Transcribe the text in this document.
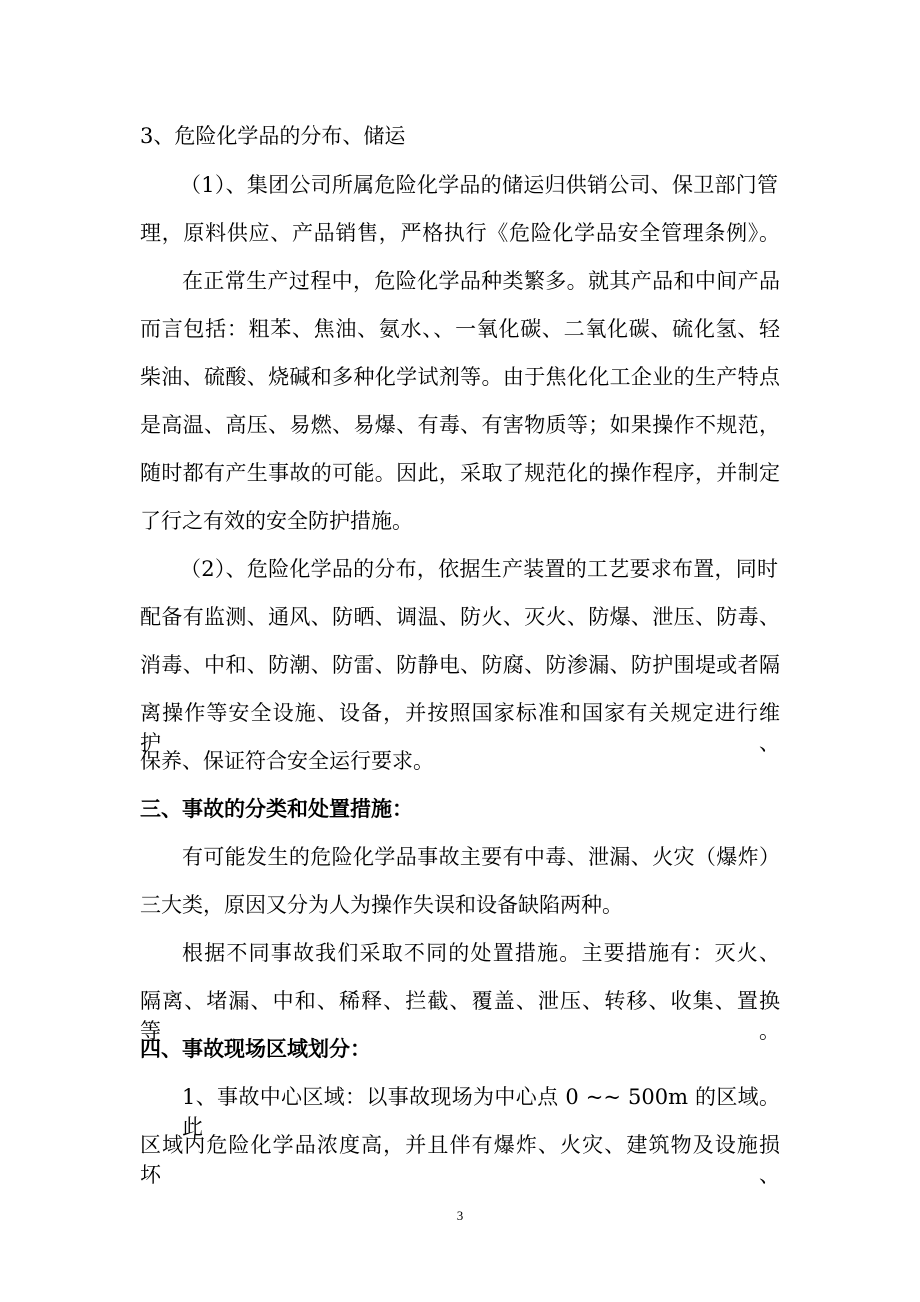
3、危险化学品的分布、储运
（1）、集团公司所属危险化学品的储运归供销公司、保卫部门管
理，原料供应、产品销售，严格执行《危险化学品安全管理条例》。
在正常生产过程中，危险化学品种类繁多。就其产品和中间产品
而言包括：粗苯、焦油、氨水、、一氧化碳、二氧化碳、硫化氢、轻
柴油、硫酸、烧碱和多种化学试剂等。由于焦化化工企业的生产特点
是高温、高压、易燃、易爆、有毒、有害物质等；如果操作不规范，
随时都有产生事故的可能。因此，采取了规范化的操作程序，并制定
了行之有效的安全防护措施。
（2）、危险化学品的分布，依据生产装置的工艺要求布置，同时
配备有监测、通风、防晒、调温、防火、灭火、防爆、泄压、防毒、
消毒、中和、防潮、防雷、防静电、防腐、防渗漏、防护围堤或者隔
离操作等安全设施、设备，并按照国家标准和国家有关规定进行维护、
保养、保证符合安全运行要求。
三、事故的分类和处置措施：
有可能发生的危险化学品事故主要有中毒、泄漏、火灾（爆炸）
三大类，原因又分为人为操作失误和设备缺陷两种。
根据不同事故我们采取不同的处置措施。主要措施有：灭火、
隔离、堵漏、中和、稀释、拦截、覆盖、泄压、转移、收集、置换等。
四、事故现场区域划分：
1、事故中心区域：以事故现场为中心点 0 ~~ 500m 的区域。此
区域内危险化学品浓度高，并且伴有爆炸、火灾、建筑物及设施损坏、
3
